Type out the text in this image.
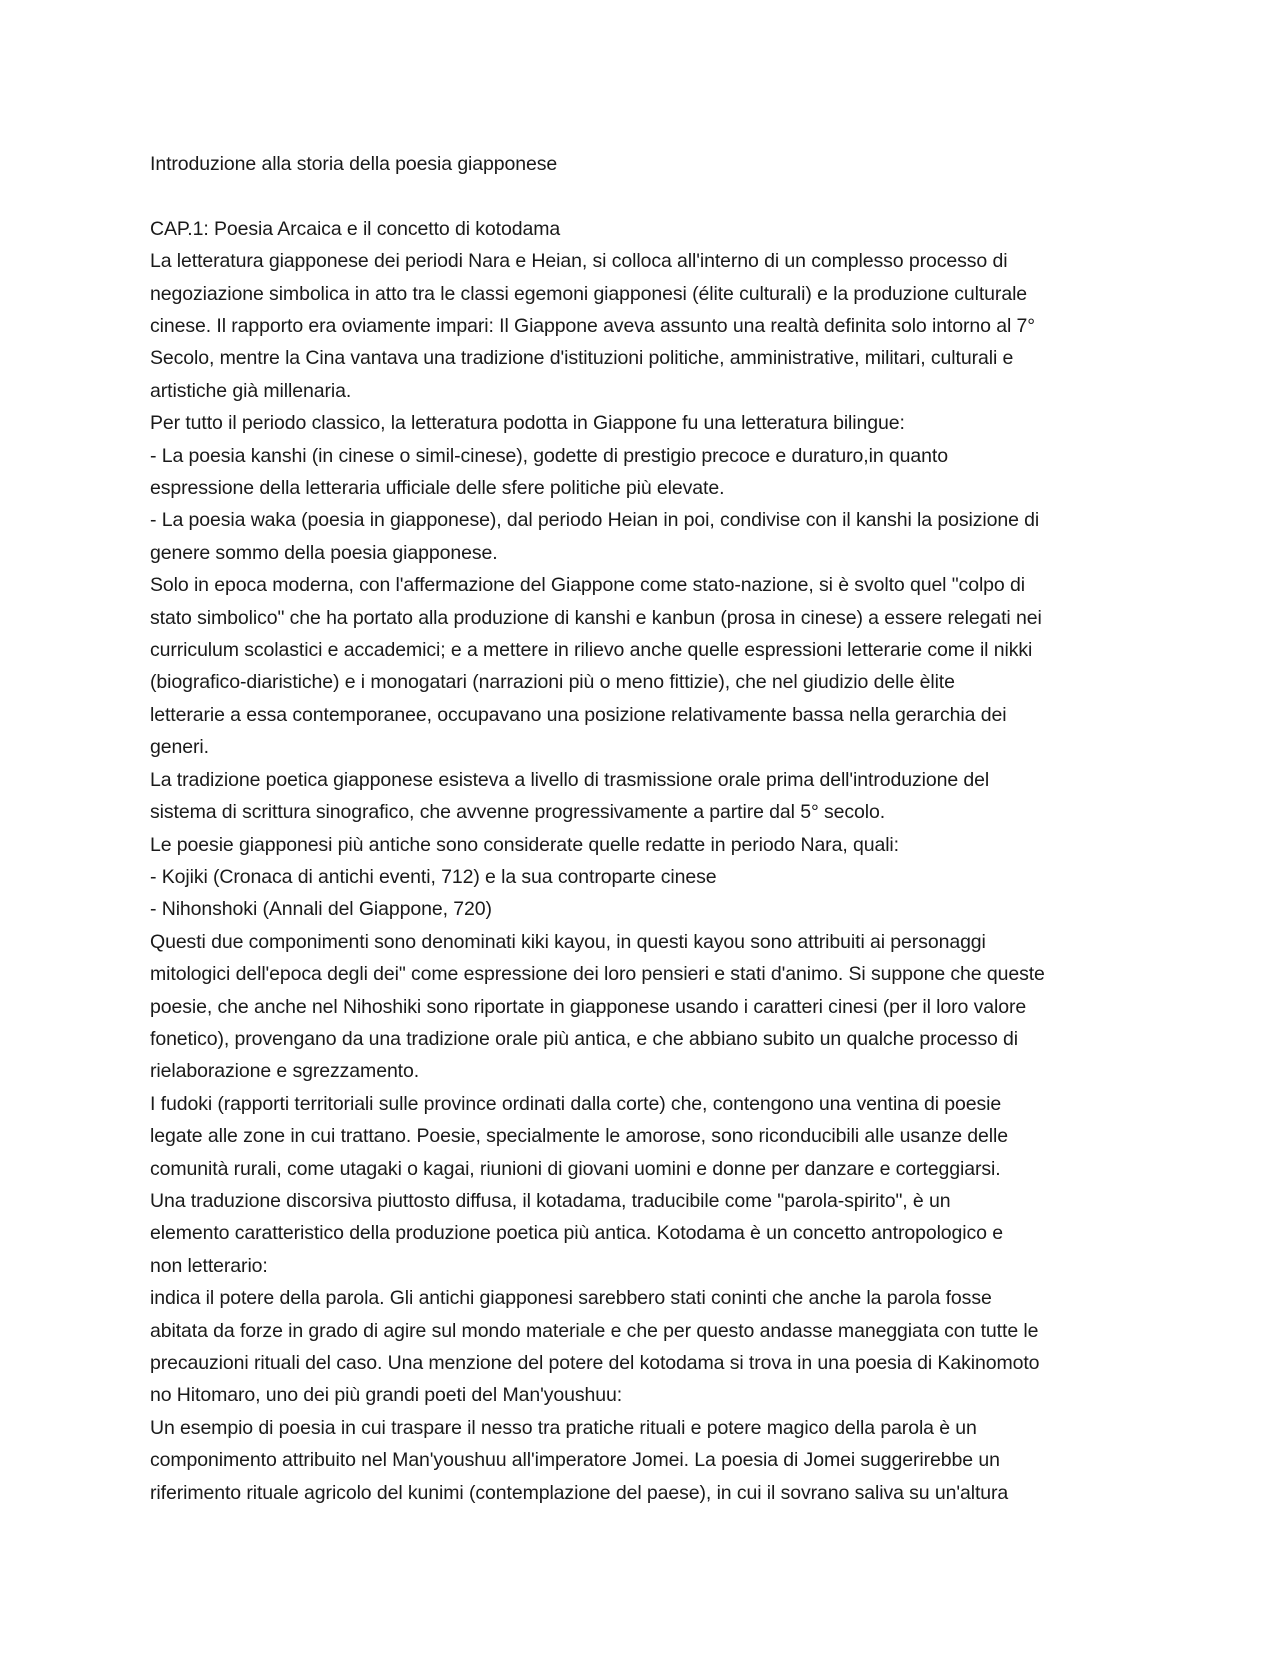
Introduzione alla storia della poesia giapponese
CAP.1: Poesia Arcaica e il concetto di kotodama
La letteratura giapponese dei periodi Nara e Heian, si colloca all'interno di un complesso processo di
negoziazione simbolica in atto tra le classi egemoni giapponesi (élite culturali) e la produzione culturale
cinese. Il rapporto era oviamente impari: Il Giappone aveva assunto una realtà definita solo intorno al 7°
Secolo, mentre la Cina vantava una tradizione d'istituzioni politiche, amministrative, militari, culturali e
artistiche già millenaria.
Per tutto il periodo classico, la letteratura podotta in Giappone fu una letteratura bilingue:
- La poesia kanshi (in cinese o simil-cinese), godette di prestigio precoce e duraturo,in quanto
espressione della letteraria ufficiale delle sfere politiche più elevate.
- La poesia waka (poesia in giapponese), dal periodo Heian in poi, condivise con il kanshi la posizione di
genere sommo della poesia giapponese.
Solo in epoca moderna, con l'affermazione del Giappone come stato-nazione, si è svolto quel "colpo di
stato simbolico" che ha portato alla produzione di kanshi e kanbun (prosa in cinese) a essere relegati nei
curriculum scolastici e accademici; e a mettere in rilievo anche quelle espressioni letterarie come il nikki
(biografico-diaristiche) e i monogatari (narrazioni più o meno fittizie), che nel giudizio delle èlite
letterarie a essa contemporanee, occupavano una posizione relativamente bassa nella gerarchia dei
generi.
La tradizione poetica giapponese esisteva a livello di trasmissione orale prima dell'introduzione del
sistema di scrittura sinografico, che avvenne progressivamente a partire dal 5° secolo.
Le poesie giapponesi più antiche sono considerate quelle redatte in periodo Nara, quali:
- Kojiki (Cronaca di antichi eventi, 712) e la sua controparte cinese
- Nihonshoki (Annali del Giappone, 720)
Questi due componimenti sono denominati kiki kayou, in questi kayou sono attribuiti ai personaggi
mitologici dell'epoca degli dei" come espressione dei loro pensieri e stati d'animo. Si suppone che queste
poesie, che anche nel Nihoshiki sono riportate in giapponese usando i caratteri cinesi (per il loro valore
fonetico), provengano da una tradizione orale più antica, e che abbiano subito un qualche processo di
rielaborazione e sgrezzamento.
I fudoki (rapporti territoriali sulle province ordinati dalla corte) che, contengono una ventina di poesie
legate alle zone in cui trattano. Poesie, specialmente le amorose, sono riconducibili alle usanze delle
comunità rurali, come utagaki o kagai, riunioni di giovani uomini e donne per danzare e corteggiarsi.
Una traduzione discorsiva piuttosto diffusa, il kotadama, traducibile come "parola-spirito", è un
elemento caratteristico della produzione poetica più antica. Kotodama è un concetto antropologico e
non letterario:
indica il potere della parola. Gli antichi giapponesi sarebbero stati coninti che anche la parola fosse
abitata da forze in grado di agire sul mondo materiale e che per questo andasse maneggiata con tutte le
precauzioni rituali del caso. Una menzione del potere del kotodama si trova in una poesia di Kakinomoto
no Hitomaro, uno dei più grandi poeti del Man'youshuu:
Un esempio di poesia in cui traspare il nesso tra pratiche rituali e potere magico della parola è un
componimento attribuito nel Man'youshuu all'imperatore Jomei. La poesia di Jomei suggerirebbe un
riferimento rituale agricolo del kunimi (contemplazione del paese), in cui il sovrano saliva su un'altura
